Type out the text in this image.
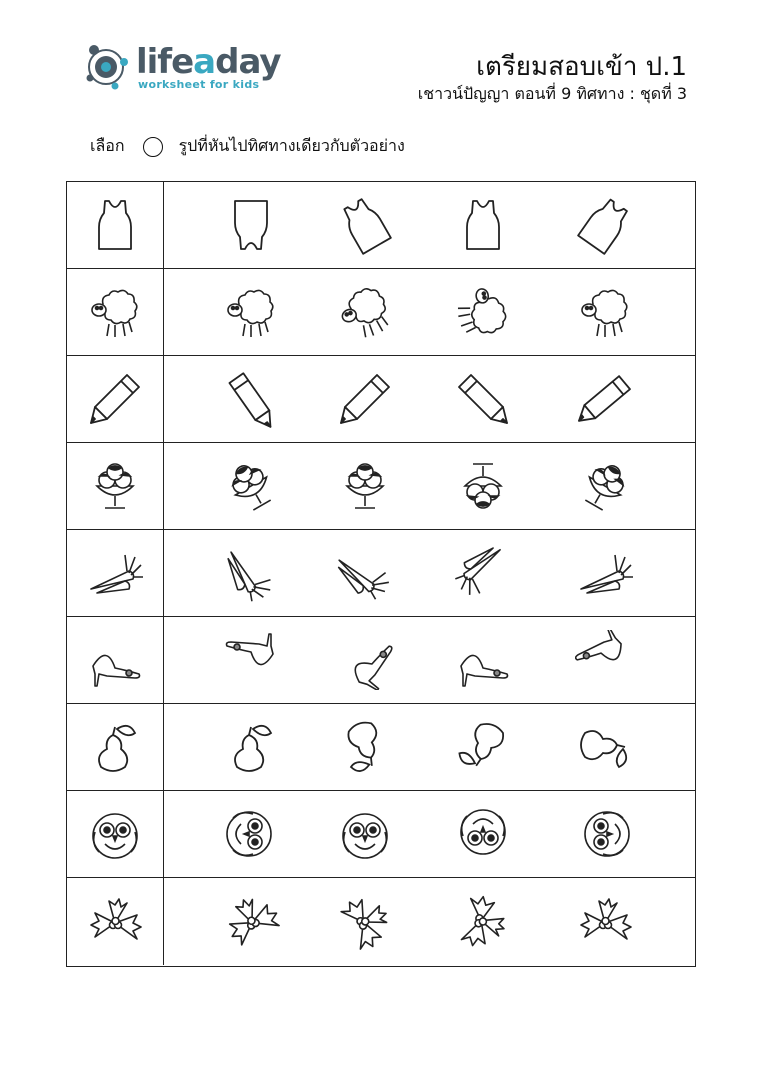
lifeaday
worksheet for kids
เตรียมสอบเข้า ป.1
เชาวน์ปัญญา ตอนที่ 9 ทิศทาง : ชุดที่ 3
เลือก	รูปที่หันไปทิศทางเดียวกับตัวอย่าง
